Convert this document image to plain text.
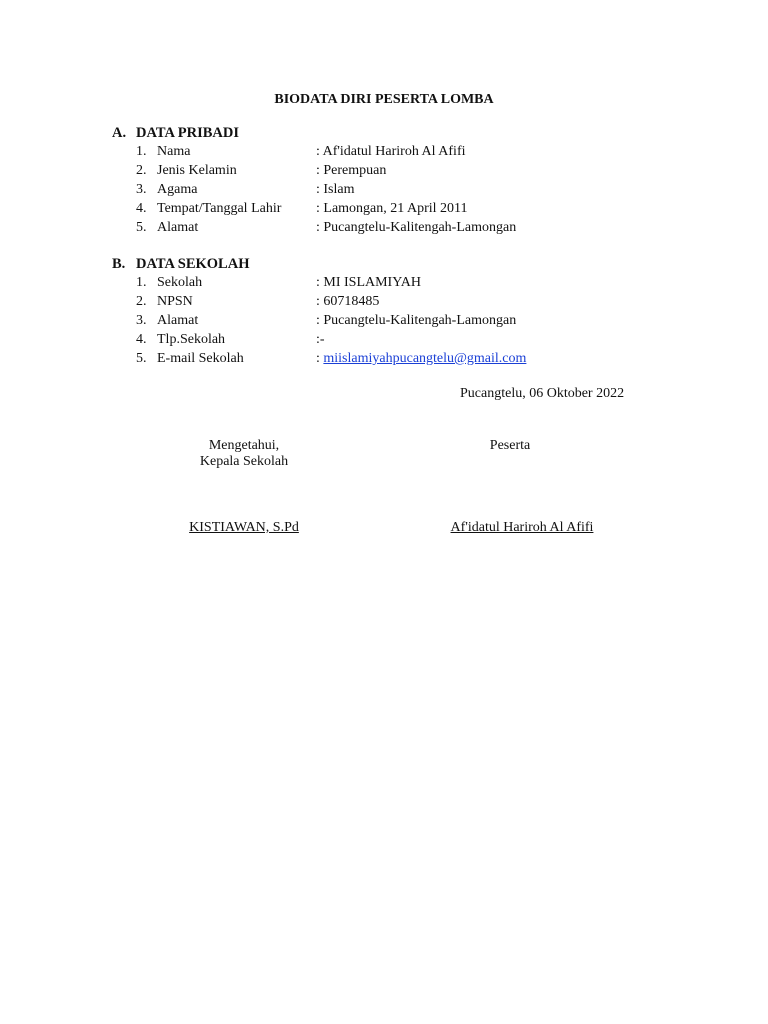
BIODATA DIRI PESERTA LOMBA
A. DATA PRIBADI
1. Nama	: Af'idatul Hariroh Al Afifi
2. Jenis Kelamin	: Perempuan
3. Agama	: Islam
4. Tempat/Tanggal Lahir : Lamongan, 21 April 2011
5. Alamat	: Pucangtelu-Kalitengah-Lamongan
B. DATA SEKOLAH
1. Sekolah	: MI ISLAMIYAH
2. NPSN	: 60718485
3. Alamat	: Pucangtelu-Kalitengah-Lamongan
4. Tlp.Sekolah	:-
5. E-mail Sekolah	: miislamiyahpucangtelu@gmail.com
Pucangtelu, 06 Oktober 2022
Mengetahui,
Kepala Sekolah
Peserta
KISTIAWAN, S.Pd	Af'idatul Hariroh Al Afifi
